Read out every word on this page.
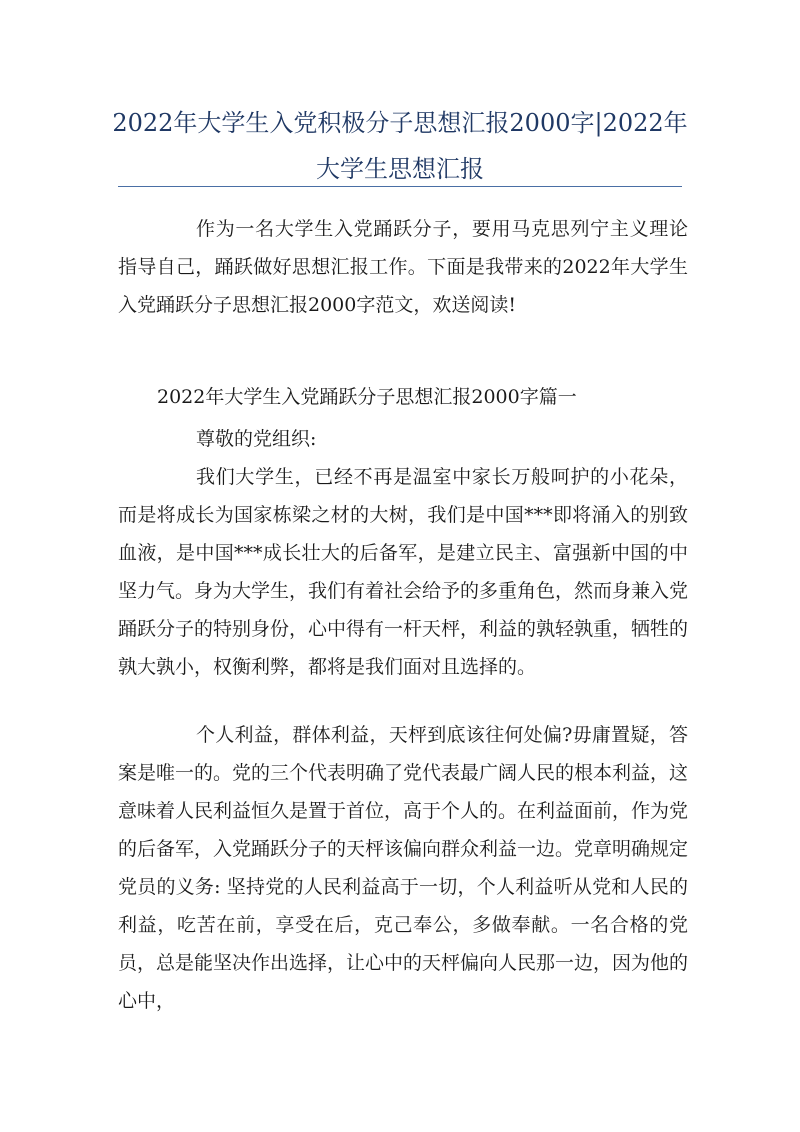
2022年大学生入党积极分子思想汇报2000字|2022年大学生思想汇报

作为一名大学生入党踊跃分子，要用马克思列宁主义理论指导自己，踊跃做好思想汇报工作。下面是我带来的2022年大学生入党踊跃分子思想汇报2000字范文，欢送阅读!

2022年大学生入党踊跃分子思想汇报2000字篇一

尊敬的党组织:

我们大学生，已经不再是温室中家长万般呵护的小花朵，而是将成长为国家栋梁之材的大树，我们是中国***即将涌入的别致血液，是中国***成长壮大的后备军，是建立民主、富强新中国的中坚力气。身为大学生，我们有着社会给予的多重角色，然而身兼入党踊跃分子的特别身份，心中得有一杆天枰，利益的孰轻孰重，牺牲的孰大孰小，权衡利弊，都将是我们面对且选择的。

个人利益，群体利益，天枰到底该往何处偏?毋庸置疑，答案是唯一的。党的三个代表明确了党代表最广阔人民的根本利益，这意味着人民利益恒久是置于首位，高于个人的。在利益面前，作为党的后备军，入党踊跃分子的天枰该偏向群众利益一边。党章明确规定党员的义务: 坚持党的人民利益高于一切，个人利益听从党和人民的利益，吃苦在前，享受在后，克己奉公，多做奉献。一名合格的党员，总是能坚决作出选择，让心中的天枰偏向人民那一边，因为他的心中，
